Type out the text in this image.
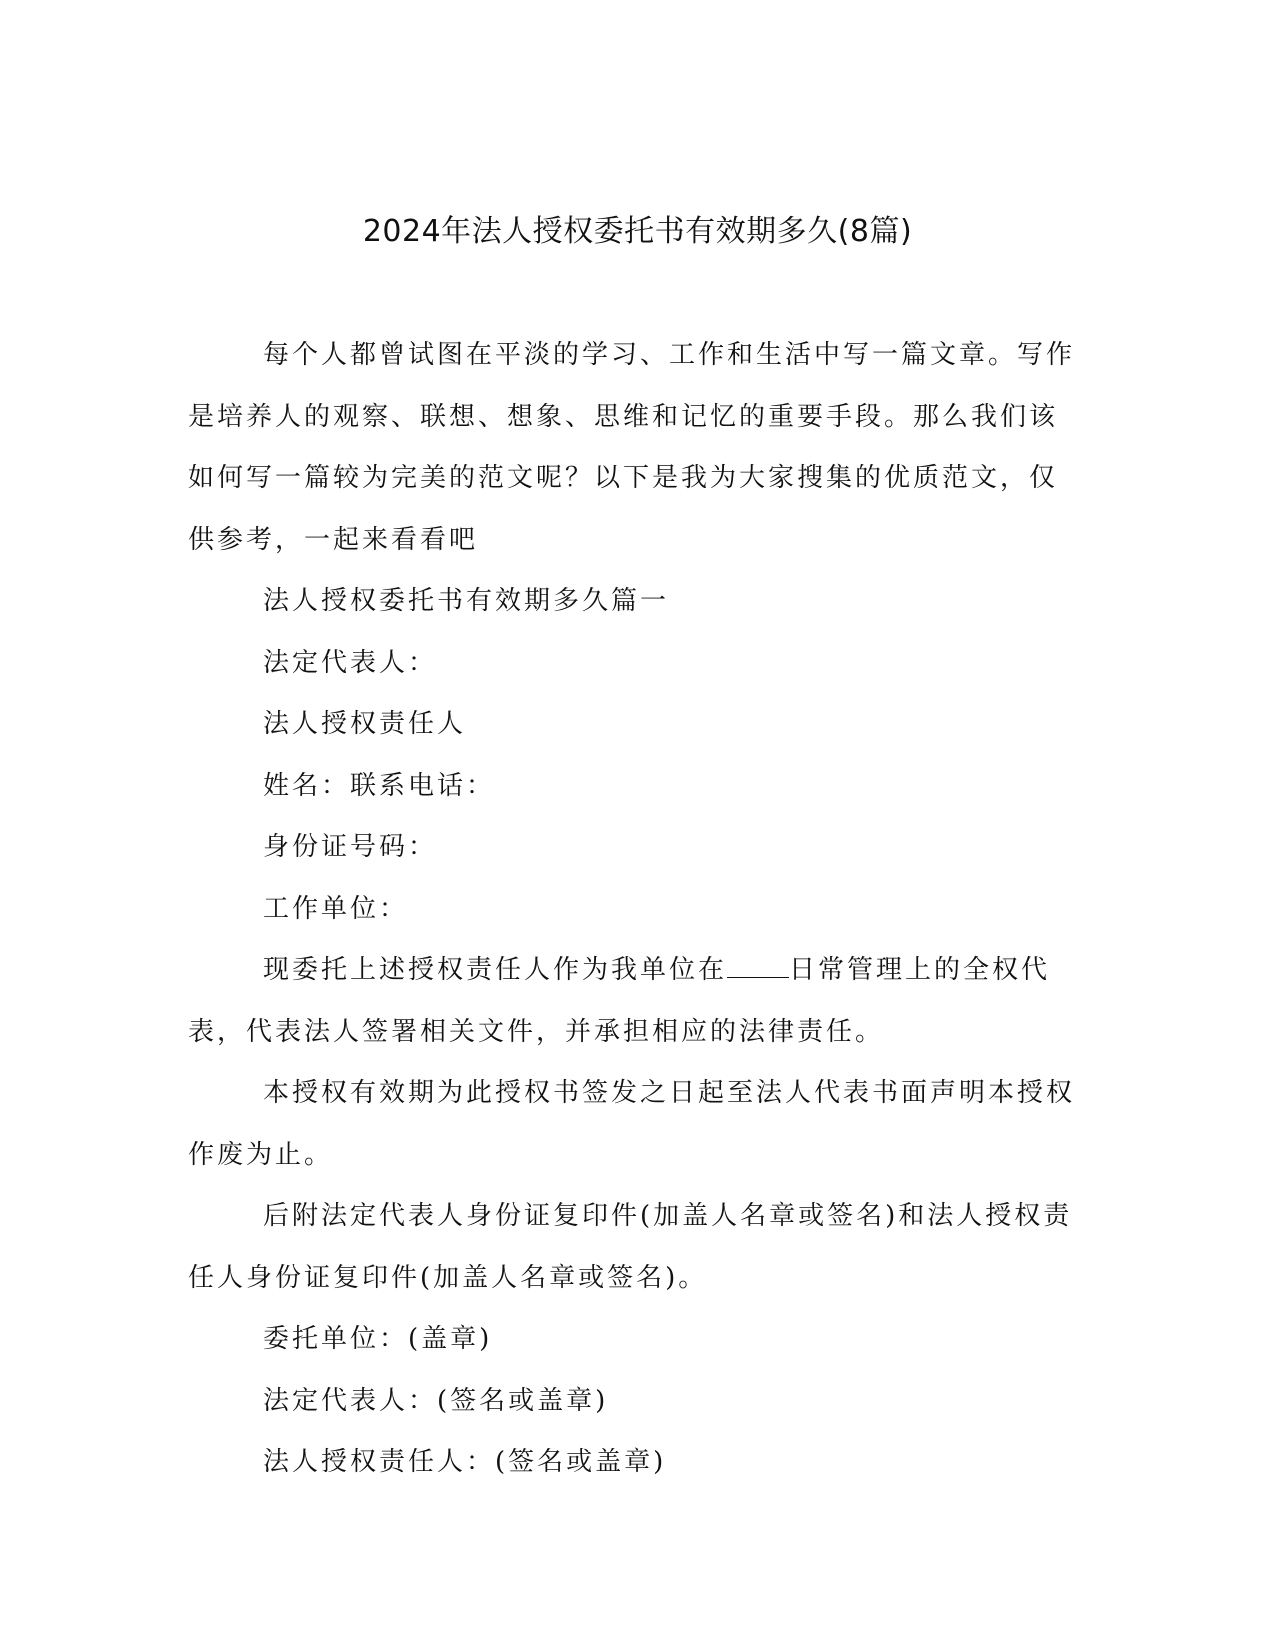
2024年法人授权委托书有效期多久(8篇)

每个人都曾试图在平淡的学习、工作和生活中写一篇文章。写作是培养人的观察、联想、想象、思维和记忆的重要手段。那么我们该如何写一篇较为完美的范文呢？以下是我为大家搜集的优质范文，仅供参考，一起来看看吧

法人授权委托书有效期多久篇一

法定代表人：

法人授权责任人

姓名：联系电话：

身份证号码：

工作单位：

现委托上述授权责任人作为我单位在 日常管理上的全权代表，代表法人签署相关文件，并承担相应的法律责任。

本授权有效期为此授权书签发之日起至法人代表书面声明本授权作废为止。

后附法定代表人身份证复印件(加盖人名章或签名)和法人授权责任人身份证复印件(加盖人名章或签名)。

委托单位：(盖章)

法定代表人：(签名或盖章)

法人授权责任人：(签名或盖章)
